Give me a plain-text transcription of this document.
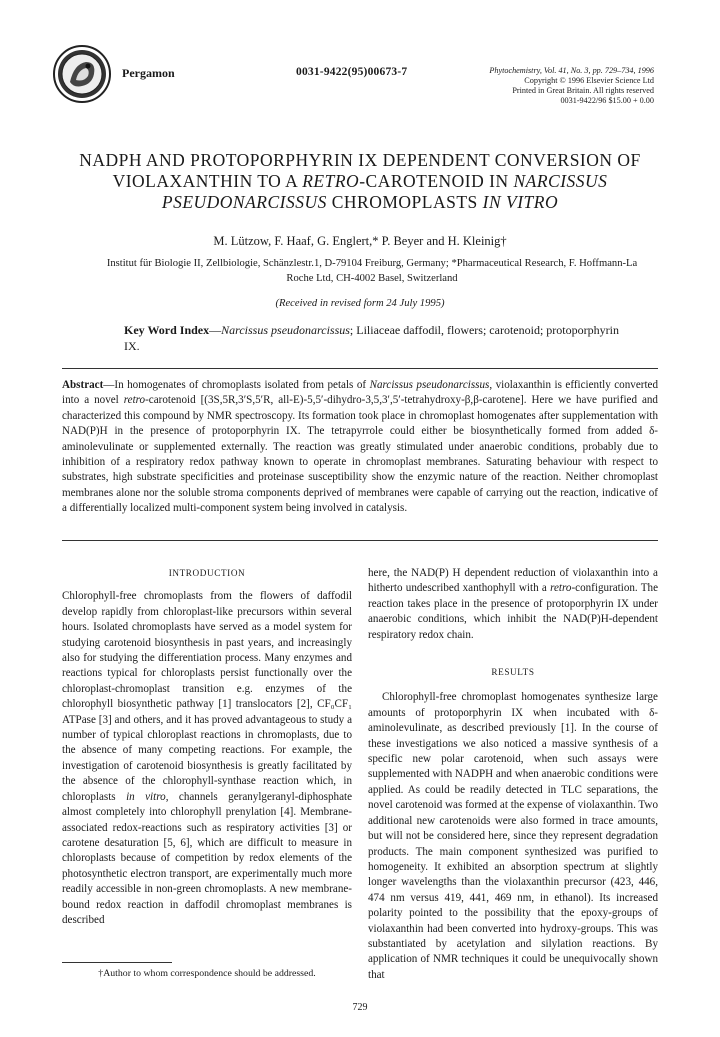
Pergamon	0031-9422(95)00673-7	Phytochemistry, Vol. 41, No. 3, pp. 729–734, 1996
Copyright © 1996 Elsevier Science Ltd
Printed in Great Britain. All rights reserved
0031-9422/96 $15.00 + 0.00
NADPH AND PROTOPORPHYRIN IX DEPENDENT CONVERSION OF
VIOLAXANTHIN TO A RETRO-CAROTENOID IN NARCISSUS
PSEUDONARCISSUS CHROMOPLASTS IN VITRO
M. Lützow, F. Haaf, G. Englert,* P. Beyer and H. Kleinig†
Institut für Biologie II, Zellbiologie, Schänzlestr.1, D-79104 Freiburg, Germany; *Pharmaceutical Research, F. Hoffmann-La Roche Ltd, CH-4002 Basel, Switzerland
(Received in revised form 24 July 1995)
Key Word Index—Narcissus pseudonarcissus; Liliaceae daffodil, flowers; carotenoid; protoporphyrin IX.
Abstract—In homogenates of chromoplasts isolated from petals of Narcissus pseudonarcissus, violaxanthin is efficiently converted into a novel retro-carotenoid [(3S,5R,3′S,5′R, all-E)-5,5′-dihydro-3,5,3′,5′-tetrahydroxy-β,β-carotene]. Here we have purified and characterized this compound by NMR spectroscopy. Its formation took place in chromoplast homogenates after supplementation with NAD(P)H in the presence of protoporphyrin IX. The tetrapyrrole could either be biosynthetically formed from added δ-aminolevulinate or supplemented externally. The reaction was greatly stimulated under anaerobic conditions, probably due to inhibition of a respiratory redox pathway known to operate in chromoplast membranes. Saturating behaviour with respect to substrates, high substrate specificities and proteinase susceptibility show the enzymic nature of the reaction. Neither chromoplast membranes alone nor the soluble stroma components deprived of membranes were capable of carrying out the reaction, indicative of a differentially localized multi-component system being involved in catalysis.
INTRODUCTION

Chlorophyll-free chromoplasts from the flowers of daffodil develop rapidly from chloroplast-like precursors within several hours. Isolated chromoplasts have served as a model system for studying carotenoid biosynthesis in past years, and increasingly also for studying the differentiation process. Many enzymes and reactions typical for chloroplasts persist functionally over the chloroplast-chromoplast transition e.g. enzymes of the chlorophyll biosynthetic pathway [1] translocators [2], CF₀CF₁ ATPase [3] and others, and it has proved advantageous to study a number of typical chloroplast reactions in chromoplasts, due to the absence of many competing reactions. For example, the investigation of carotenoid biosynthesis is greatly facilitated by the absence of the chlorophyll-synthase reaction which, in chloroplasts in vitro, channels geranylgeranyl-diphosphate almost completely into chlorophyll prenylation [4]. Membrane-associated redox-reactions such as respiratory activities [3] or carotene desaturation [5, 6], which are difficult to measure in chloroplasts because of competition by redox elements of the photosynthetic electron transport, are experimentally much more readily accessible in non-green chromoplasts. A new membrane-bound redox reaction in daffodil chromoplast membranes is described

†Author to whom correspondence should be addressed.

here, the NAD(P) H dependent reduction of violaxanthin into a hitherto undescribed xanthophyll with a retro-configuration. The reaction takes place in the presence of protoporphyrin IX under anaerobic conditions, which inhibit the NAD(P)H-dependent respiratory redox chain.

RESULTS

Chlorophyll-free chromoplast homogenates synthesize large amounts of protoporphyrin IX when incubated with δ-aminolevulinate, as described previously [1]. In the course of these investigations we also noticed a massive synthesis of a specific new polar carotenoid, when such assays were supplemented with NADPH and when anaerobic conditions were applied. As could be readily detected in TLC separations, the novel carotenoid was formed at the expense of violaxanthin. Two additional new carotenoids were also formed in trace amounts, but will not be considered here, since they represent degradation products. The main component synthesized was purified to homogeneity. It exhibited an absorption spectrum at slightly longer wavelengths than the violaxanthin precursor (423, 446, 474 nm versus 419, 441, 469 nm, in ethanol). Its increased polarity pointed to the possibility that the epoxy-groups of violaxanthin had been converted into hydroxy-groups. This was substantiated by acetylation and silylation reactions. By application of NMR techniques it could be unequivocally shown that

729
